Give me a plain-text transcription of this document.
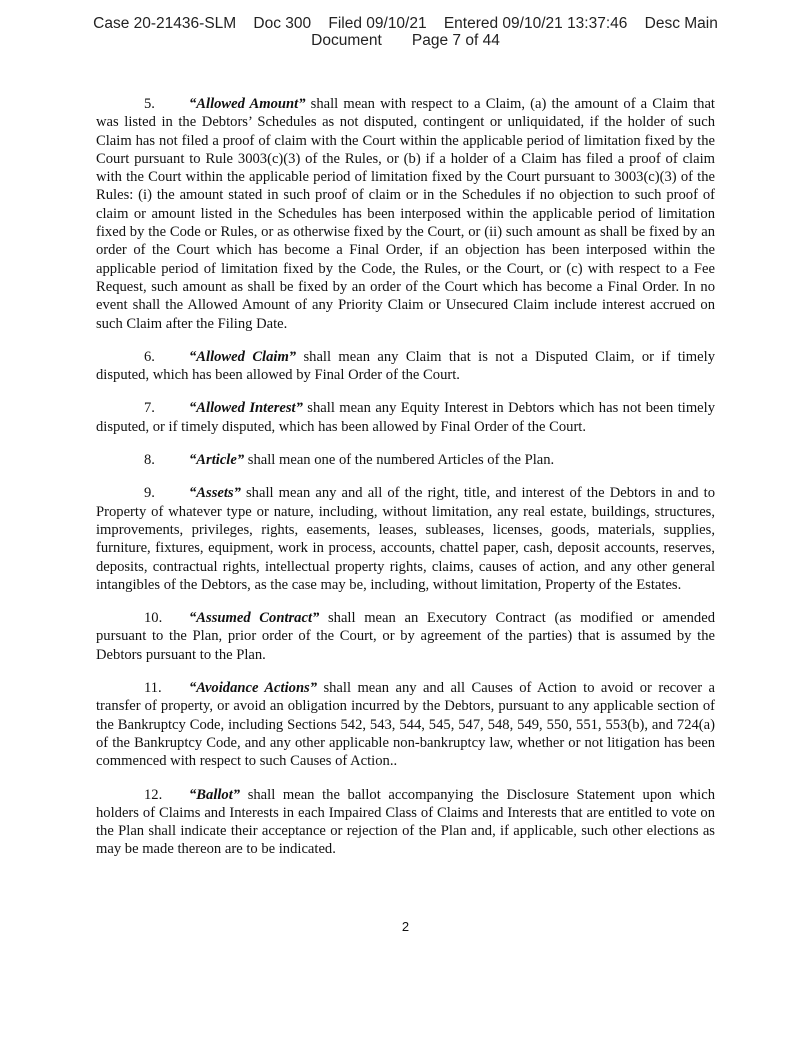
Case 20-21436-SLM    Doc 300    Filed 09/10/21    Entered 09/10/21 13:37:46    Desc Main
Document       Page 7 of 44

5. “Allowed Amount” shall mean with respect to a Claim, (a) the amount of a Claim that was listed in the Debtors’ Schedules as not disputed, contingent or unliquidated, if the holder of such Claim has not filed a proof of claim with the Court within the applicable period of limitation fixed by the Court pursuant to Rule 3003(c)(3) of the Rules, or (b) if a holder of a Claim has filed a proof of claim with the Court within the applicable period of limitation fixed by the Court pursuant to 3003(c)(3) of the Rules: (i) the amount stated in such proof of claim or in the Schedules if no objection to such proof of claim or amount listed in the Schedules has been interposed within the applicable period of limitation fixed by the Code or Rules, or as otherwise fixed by the Court, or (ii) such amount as shall be fixed by an order of the Court which has become a Final Order, if an objection has been interposed within the applicable period of limitation fixed by the Code, the Rules, or the Court, or (c) with respect to a Fee Request, such amount as shall be fixed by an order of the Court which has become a Final Order. In no event shall the Allowed Amount of any Priority Claim or Unsecured Claim include interest accrued on such Claim after the Filing Date.

6. “Allowed Claim” shall mean any Claim that is not a Disputed Claim, or if timely disputed, which has been allowed by Final Order of the Court.

7. “Allowed Interest” shall mean any Equity Interest in Debtors which has not been timely disputed, or if timely disputed, which has been allowed by Final Order of the Court.

8. “Article” shall mean one of the numbered Articles of the Plan.

9. “Assets” shall mean any and all of the right, title, and interest of the Debtors in and to Property of whatever type or nature, including, without limitation, any real estate, buildings, structures, improvements, privileges, rights, easements, leases, subleases, licenses, goods, materials, supplies, furniture, fixtures, equipment, work in process, accounts, chattel paper, cash, deposit accounts, reserves, deposits, contractual rights, intellectual property rights, claims, causes of action, and any other general intangibles of the Debtors, as the case may be, including, without limitation, Property of the Estates.

10. “Assumed Contract” shall mean an Executory Contract (as modified or amended pursuant to the Plan, prior order of the Court, or by agreement of the parties) that is assumed by the Debtors pursuant to the Plan.

11. “Avoidance Actions” shall mean any and all Causes of Action to avoid or recover a transfer of property, or avoid an obligation incurred by the Debtors, pursuant to any applicable section of the Bankruptcy Code, including Sections 542, 543, 544, 545, 547, 548, 549, 550, 551, 553(b), and 724(a) of the Bankruptcy Code, and any other applicable non-bankruptcy law, whether or not litigation has been commenced with respect to such Causes of Action..

12. “Ballot” shall mean the ballot accompanying the Disclosure Statement upon which holders of Claims and Interests in each Impaired Class of Claims and Interests that are entitled to vote on the Plan shall indicate their acceptance or rejection of the Plan and, if applicable, such other elections as may be made thereon are to be indicated.

2
